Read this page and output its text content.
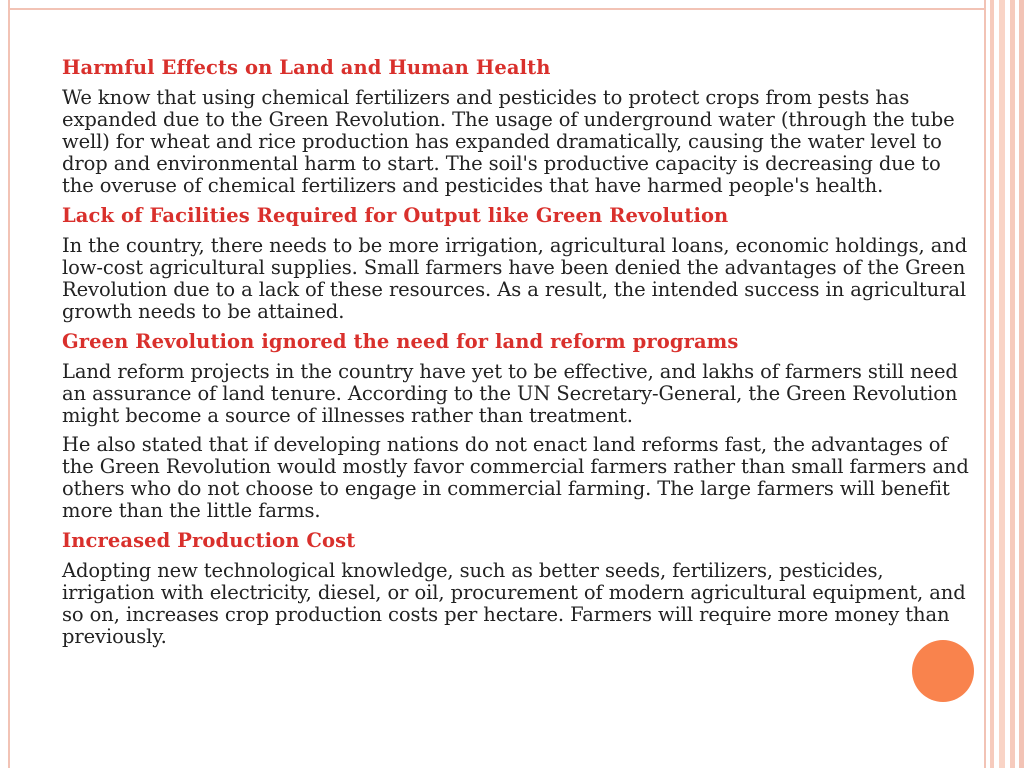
Harmful Effects on Land and Human Health
We know that using chemical fertilizers and pesticides to protect crops from pests has expanded due to the Green Revolution. The usage of underground water (through the tube well) for wheat and rice production has expanded dramatically, causing the water level to drop and environmental harm to start. The soil's productive capacity is decreasing due to the overuse of chemical fertilizers and pesticides that have harmed people's health.
Lack of Facilities Required for Output like Green Revolution
In the country, there needs to be more irrigation, agricultural loans, economic holdings, and low-cost agricultural supplies. Small farmers have been denied the advantages of the Green Revolution due to a lack of these resources. As a result, the intended success in agricultural growth needs to be attained.
Green Revolution ignored the need for land reform programs
Land reform projects in the country have yet to be effective, and lakhs of farmers still need an assurance of land tenure. According to the UN Secretary-General, the Green Revolution might become a source of illnesses rather than treatment.
He also stated that if developing nations do not enact land reforms fast, the advantages of the Green Revolution would mostly favor commercial farmers rather than small farmers and others who do not choose to engage in commercial farming. The large farmers will benefit more than the little farms.
Increased Production Cost
Adopting new technological knowledge, such as better seeds, fertilizers, pesticides, irrigation with electricity, diesel, or oil, procurement of modern agricultural equipment, and so on, increases crop production costs per hectare. Farmers will require more money than previously.
